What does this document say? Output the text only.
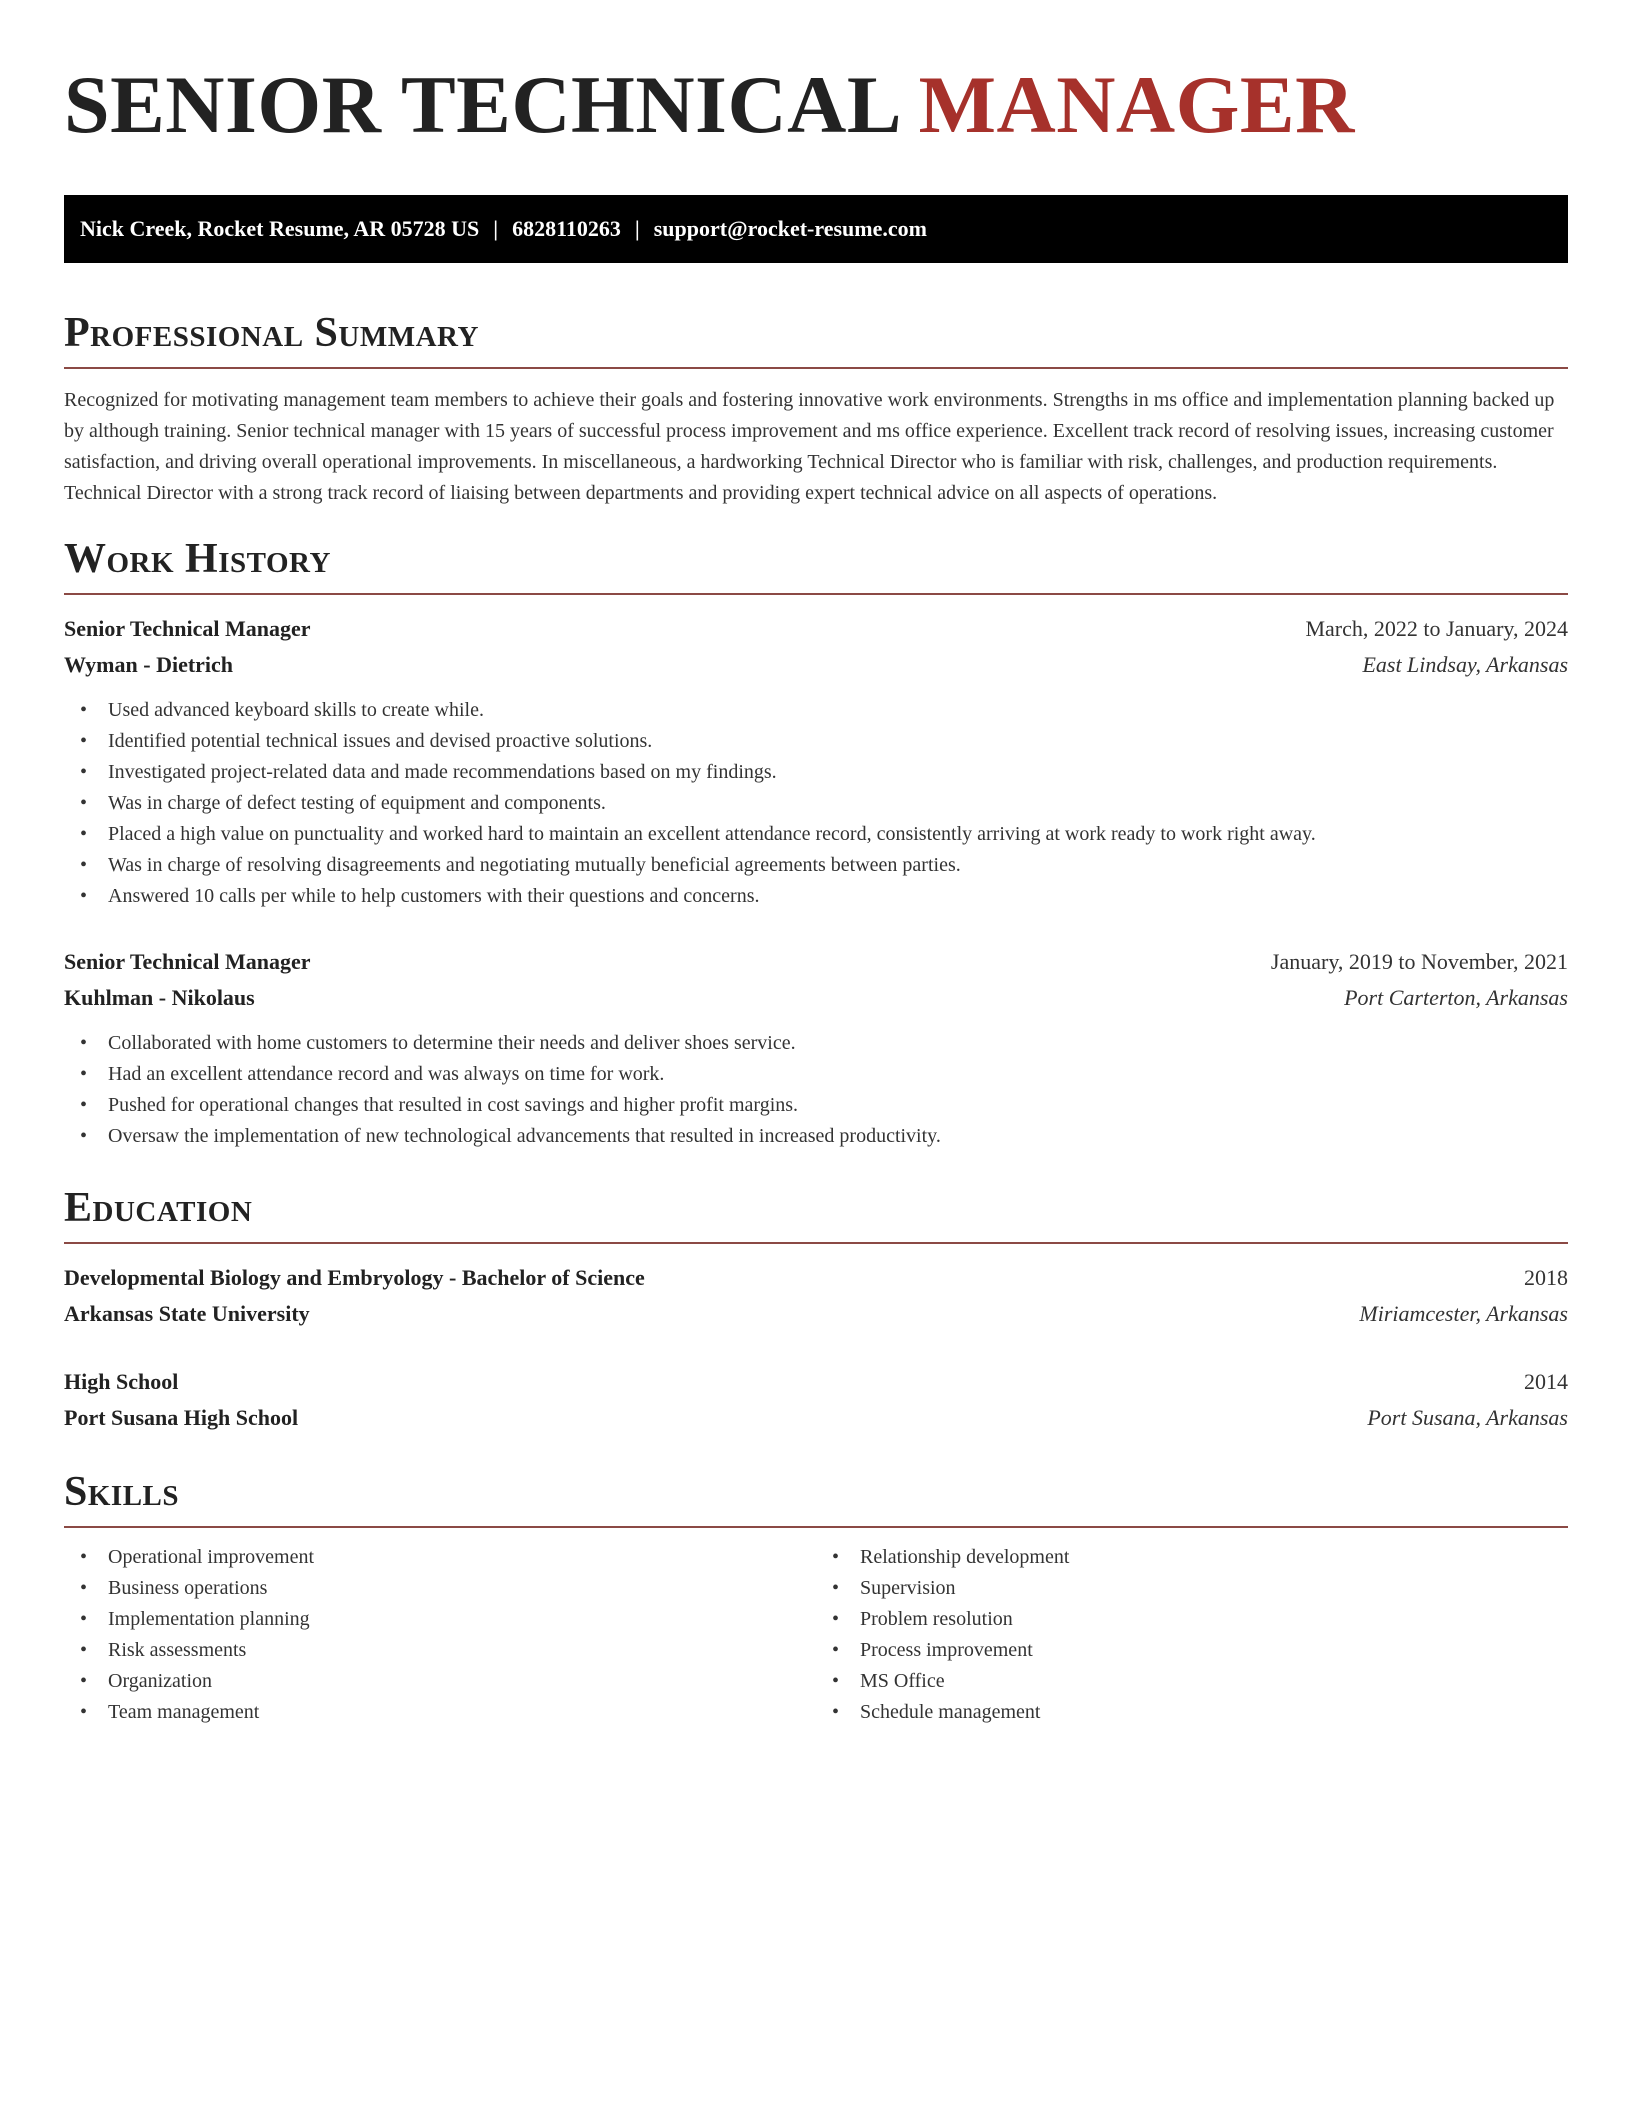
SENIOR TECHNICAL MANAGER
Nick Creek, Rocket Resume, AR 05728 US | 6828110263 | support@rocket-resume.com
Professional Summary

Recognized for motivating management team members to achieve their goals and fostering innovative work environments. Strengths in ms office and implementation planning backed up by although training. Senior technical manager with 15 years of successful process improvement and ms office experience. Excellent track record of resolving issues, increasing customer satisfaction, and driving overall operational improvements. In miscellaneous, a hardworking Technical Director who is familiar with risk, challenges, and production requirements. Technical Director with a strong track record of liaising between departments and providing expert technical advice on all aspects of operations.

Work History
Senior Technical Manager	March, 2022 to January, 2024
Wyman - Dietrich	East Lindsay, Arkansas
• Used advanced keyboard skills to create while.
• Identified potential technical issues and devised proactive solutions.
• Investigated project-related data and made recommendations based on my findings.
• Was in charge of defect testing of equipment and components.
• Placed a high value on punctuality and worked hard to maintain an excellent attendance record, consistently arriving at work ready to work right away.
• Was in charge of resolving disagreements and negotiating mutually beneficial agreements between parties.
• Answered 10 calls per while to help customers with their questions and concerns.
Senior Technical Manager	January, 2019 to November, 2021
Kuhlman - Nikolaus	Port Carterton, Arkansas
• Collaborated with home customers to determine their needs and deliver shoes service.
• Had an excellent attendance record and was always on time for work.
• Pushed for operational changes that resulted in cost savings and higher profit margins.
• Oversaw the implementation of new technological advancements that resulted in increased productivity.
Education
Developmental Biology and Embryology - Bachelor of Science	2018
Arkansas State University	Miriamcester, Arkansas
High School	2014
Port Susana High School	Port Susana, Arkansas
Skills
• Operational improvement
• Business operations
• Implementation planning
• Risk assessments
• Organization
• Team management
• Relationship development
• Supervision
• Problem resolution
• Process improvement
• MS Office
• Schedule management
